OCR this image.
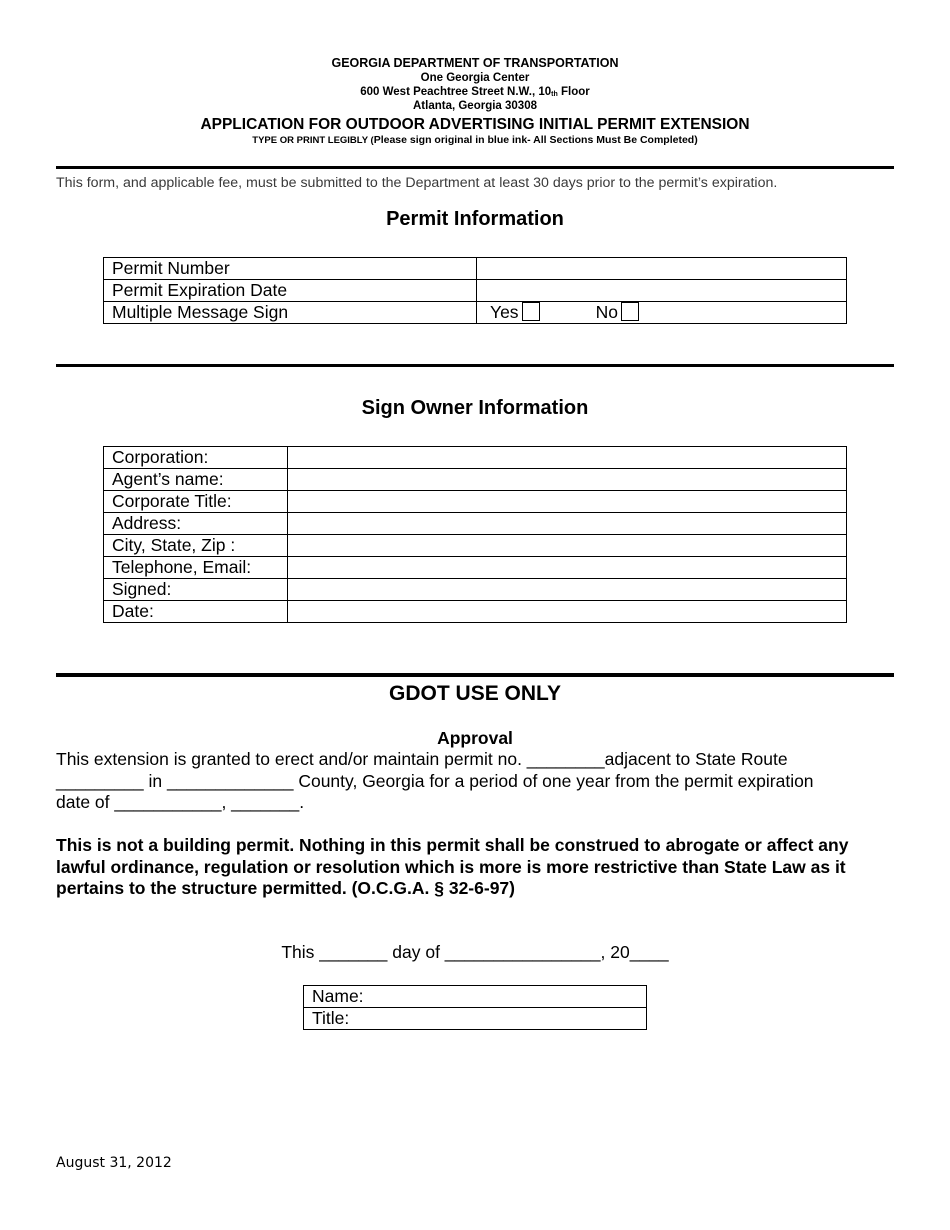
GEORGIA DEPARTMENT OF TRANSPORTATION
One Georgia Center
600 West Peachtree Street N.W., $10_{th}$ Floor
Atlanta, Georgia 30308
APPLICATION FOR OUTDOOR ADVERTISING INITIAL PERMIT EXTENSION
TYPE OR PRINT LEGIBLY (Please sign original in blue ink- All Sections Must Be Completed)
This form, and applicable fee, must be submitted to the Department at least 30 days prior to the permit’s expiration.
Permit Information
Permit Number	
Permit Expiration Date	
Multiple Message Sign	Yes No
Sign Owner Information
Corporation:	
Agent’s name:	
Corporate Title:	
Address:	
City, State, Zip :	
Telephone, Email:	
Signed:	
Date:	
GDOT USE ONLY
Approval
This extension is granted to erect and/or maintain permit no. ________adjacent to State Route
_________ in _____________ County, Georgia for a period of one year from the permit expiration
date of ___________, _______.
This is not a building permit. Nothing in this permit shall be construed to abrogate or affect any lawful ordinance, regulation or resolution which is more is more restrictive than State Law as it pertains to the structure permitted. (O.C.G.A. § 32-6-97)
This _______ day of ________________, 20____
Name:
Title:
August 31, 2012
